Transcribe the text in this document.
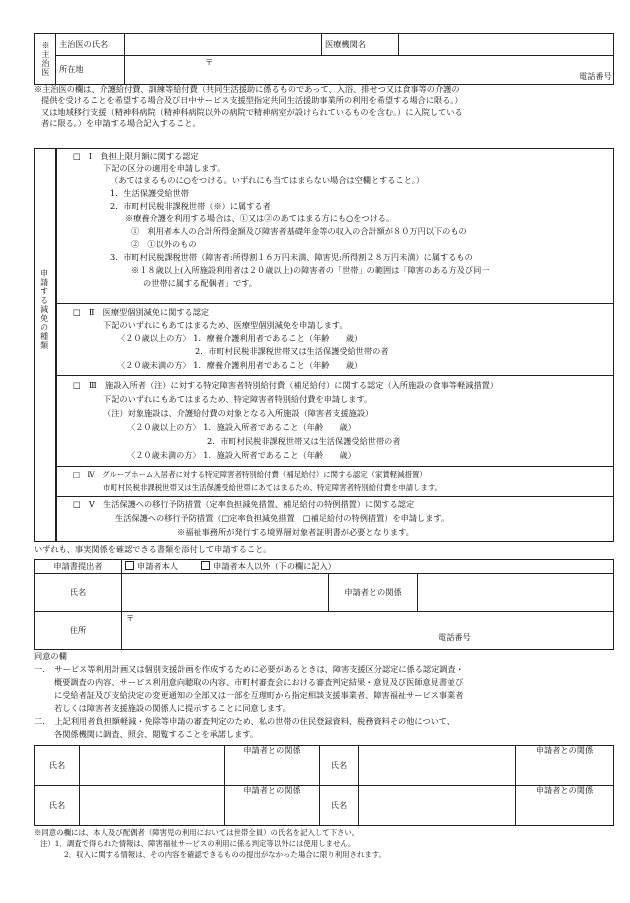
※主治医	主治医の氏名		医療機関名	
	所在地	〒
電話番号		
※主治医の欄は、介護給付費、訓練等給付費（共同生活援助に係るものであって、入浴、排せつ又は食事等の介護の
提供を受けることを希望する場合及び日中サービス支援型指定共同生活援助事業所の利用を希望する場合に限る。）
又は地域移行支援（精神科病院（精神科病院以外の病院で精神病室が設けられているものを含む。）に入院している
者に限る。）を申請する場合記入すること。
申請する減免の種類
□　Ⅰ　負担上限月額に関する認定
下記の区分の適用を申請します。
（あてはまるものに○をつける。いずれにも当てはまらない場合は空欄とすること。）
1．生活保護受給世帯
2．市町村民税非課税世帯（※）に属する者
※療養介護を利用する場合は、①又は②のあてはまる方にも○をつける。
①　利用者本人の合計所得金額及び障害者基礎年金等の収入の合計額が８０万円以下のもの
②　①以外のもの
3．市町村民税課税世帯（障害者:所得割１６万円未満、障害児:所得割２８万円未満）に属するもの
※１８歳以上(入所施設利用者は２０歳以上)の障害者の「世帯」の範囲は「障害のある方及び同一
の世帯に属する配偶者」です。
□　Ⅱ　医療型個別減免に関する認定
下記のいずれにもあてはまるため、医療型個別減免を申請します。
〈２０歳以上の方〉 1．療養介護利用者であること（年齢　　歳）
2．市町村民税非課税世帯又は生活保護受給世帯の者
〈２０歳未満の方〉 1．療養介護利用者であること（年齢　　歳）
□　Ⅲ　施設入所者（注）に対する特定障害者特別給付費（補足給付）に関する認定（入所施設の食事等軽減措置）
下記のいずれにもあてはまるため、特定障害者特別給付費を申請します。
（注）対象施設は、介護給付費の対象となる入所施設（障害者支援施設）
〈２０歳以上の方〉 1．施設入所者であること（年齢　　歳）
2．市町村民税非課税世帯又は生活保護受給世帯の者
〈２０歳未満の方〉 1．施設入所者であること（年齢　　歳）
□　Ⅳ　グループホーム入居者に対する特定障害者特別給付費（補足給付）に関する認定（家賃軽減措置）
市町村民税非課税世帯又は生活保護受給世帯にあてはまるため、特定障害者特別給付費を申請します。
□　Ⅴ　生活保護への移行予防措置（定率負担減免措置、補足給付の特例措置）に関する認定
生活保護への移行予防措置（□定率負担減免措置　□補足給付の特例措置）を申請します。
※福祉事務所が発行する境界層対象者証明書が必要となります。
いずれも、事実関係を確認できる書類を添付して申請すること。
申請書提出者	申請者本人 申請者本人以外（下の欄に記入）		
氏名		申請者との関係	
住所	〒
電話番号		
同意の欄
一．　サービス等利用計画又は個別支援計画を作成するために必要があるときは、障害支援区分認定に係る認定調査・
概要調査の内容、サービス利用意向聴取の内容、市町村審査会における審査判定結果・意見及び医師意見書並び
に受給者証及び支給決定の変更通知の全部又は一部を互理町から指定相談支援事業者、障害福祉サービス事業者
若しくは障害者支援施設の関係人に提示することに同意します。
二．　上記利用者負担額軽減・免除等申請の審査判定のため、私の世帯の住民登録資料、税務資料その他について、
各関係機関に調査、照会、閲覧することを承諾します。
氏名		申請者との関係	氏名		申請者との関係

氏名		申請者との関係	氏名		申請者との関係
※同意の欄には、本人及び配偶者（障害児の利用においては世帯全員）の氏名を記入して下さい。
注）1．調査で得られた情報は、障害福祉サービスの利用に係る判定等以外には使用しません。
2．収入に関する情報は、その内容を確認できるものの提出がなかった場合に限り利用されます。
